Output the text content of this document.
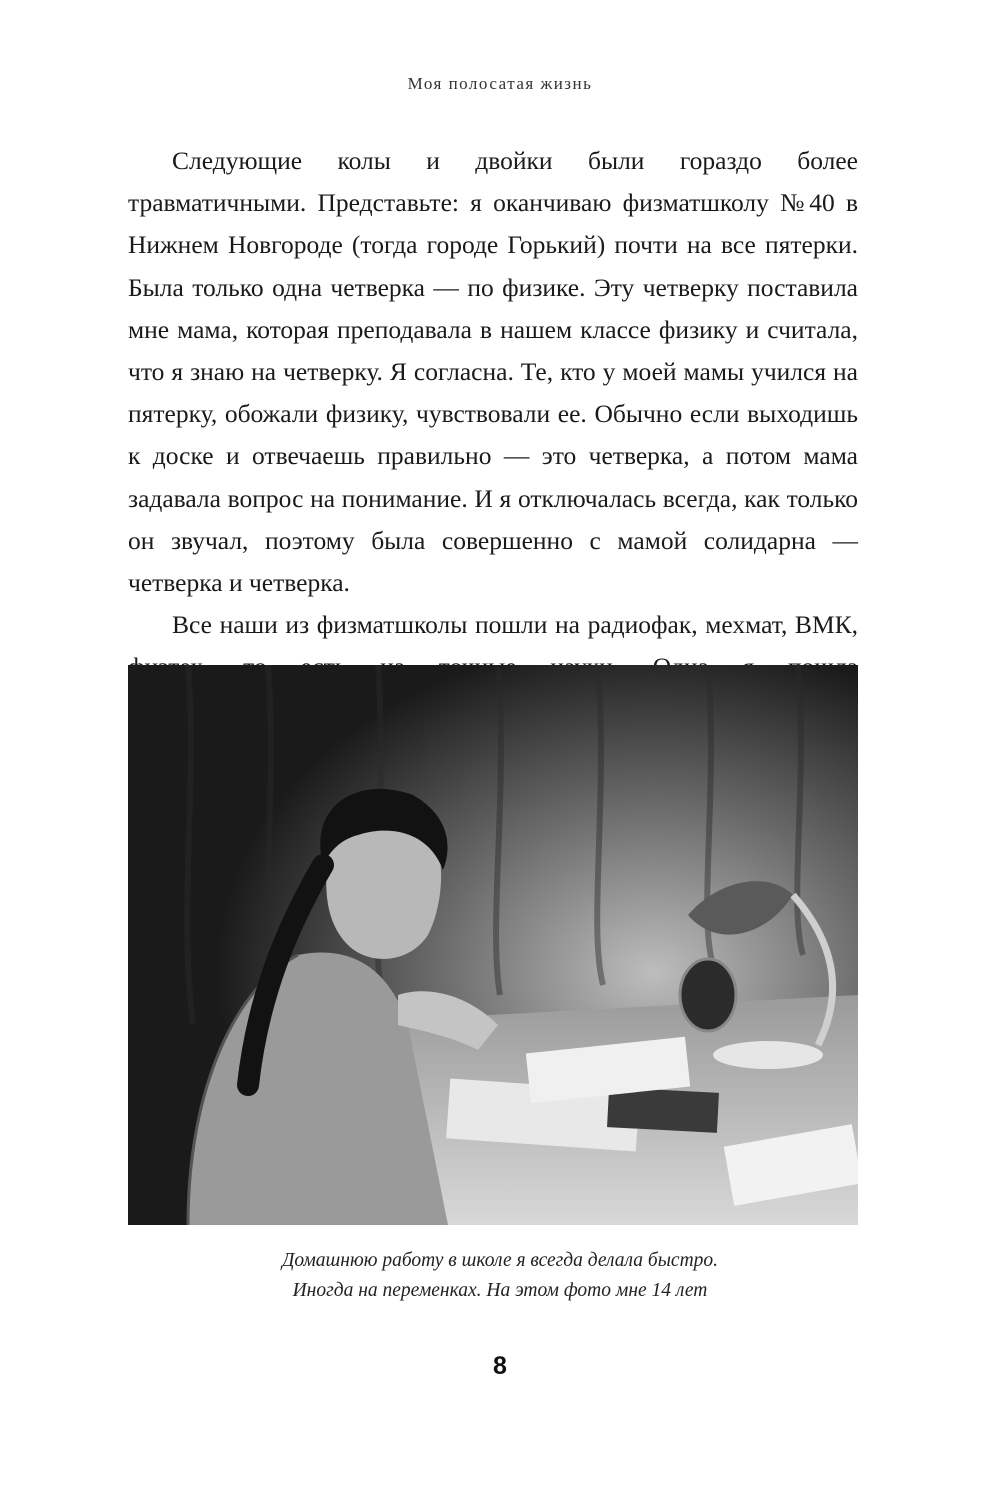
Моя полосатая жизнь

Следующие колы и двойки были гораздо более травматичными. Представьте: я оканчиваю физматшколу №40 в Нижнем Новгороде (тогда городе Горький) почти на все пятерки. Была только одна четверка — по физике. Эту четверку поставила мне мама, которая преподавала в нашем классе физику и считала, что я знаю на четверку. Я согласна. Те, кто у моей мамы учился на пятерку, обожали физику, чувствовали ее. Обычно если выходишь к доске и отвечаешь правильно — это четверка, а потом мама задавала вопрос на понимание. И я отключалась всегда, как только он звучал, поэтому была совершенно с мамой солидарна — четверка и четверка.

Все наши из физматшколы пошли на радиофак, мехмат, ВМК,

Домашнюю работу в школе я всегда делала быстро.
Иногда на переменках. На этом фото мне 14 лет
8
